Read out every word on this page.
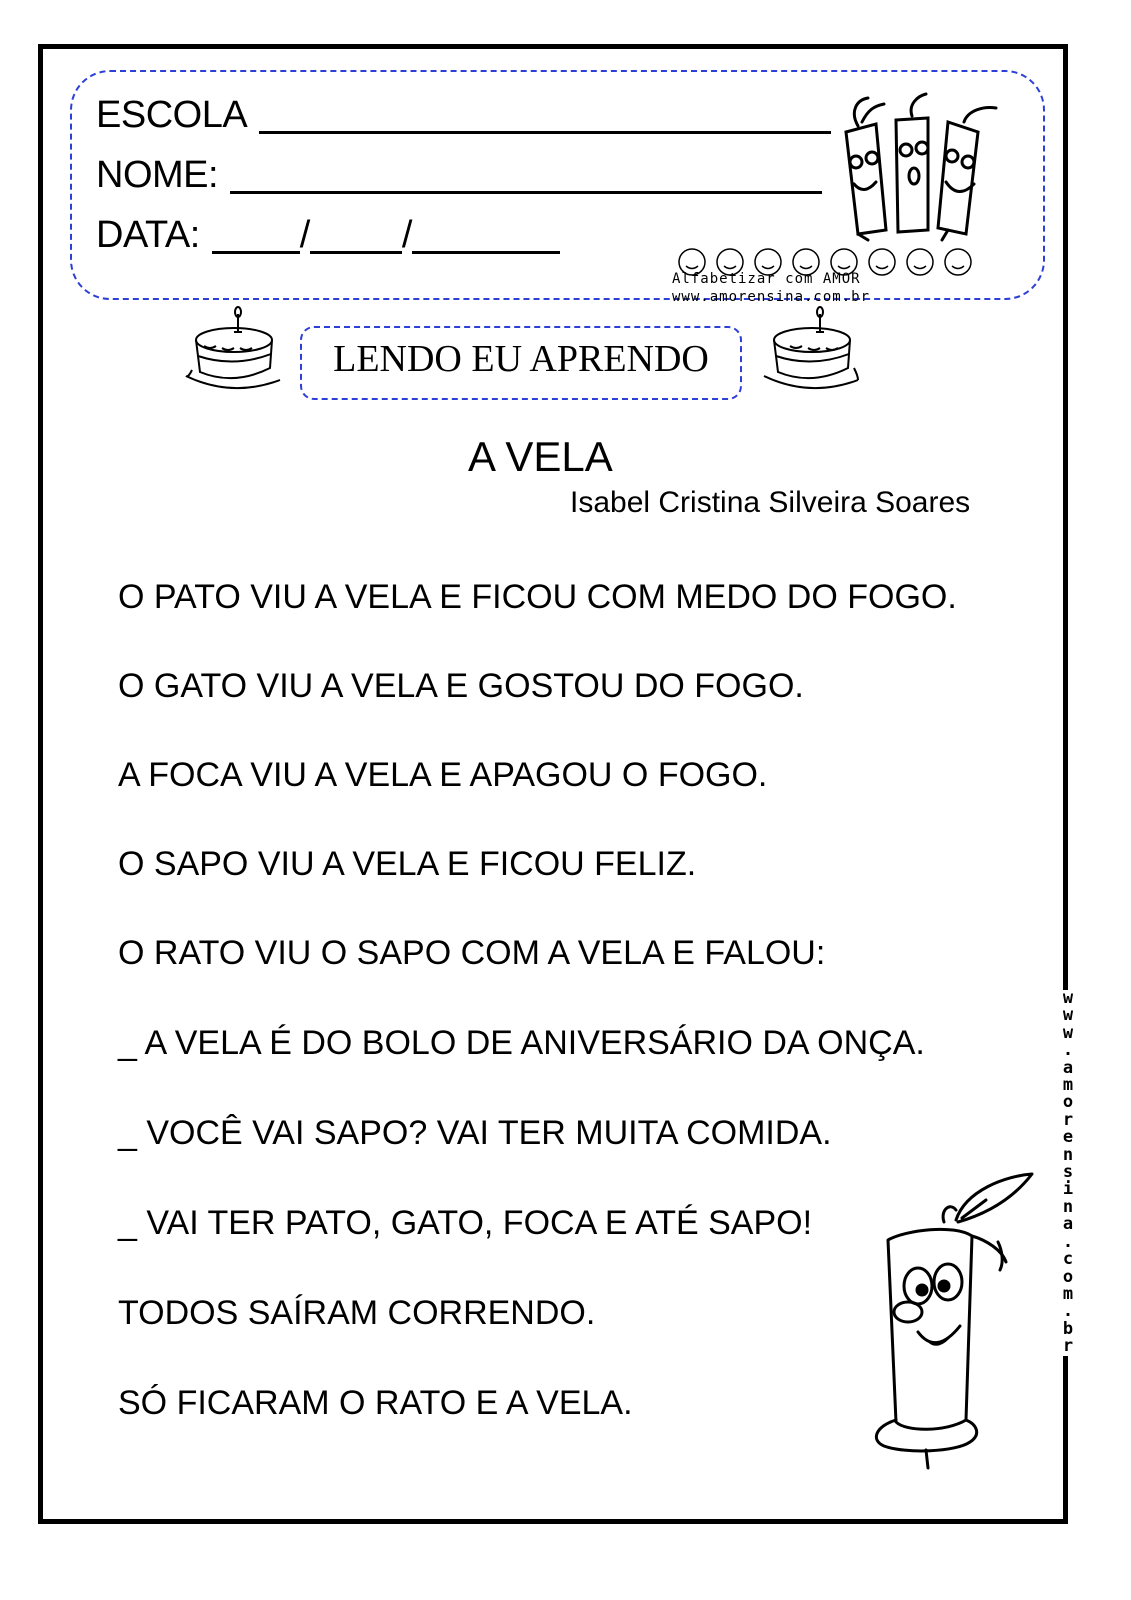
ESCOLA
NOME:
DATA:	/ /
Alfabetizar com AMOR
www.amorensina.com.br
LENDO EU APRENDO
A VELA
Isabel Cristina Silveira Soares
O PATO VIU A VELA E FICOU COM MEDO DO FOGO.
O GATO VIU A VELA E GOSTOU DO FOGO.
A FOCA VIU A VELA E APAGOU O FOGO.
O SAPO VIU A VELA E FICOU FELIZ.
O RATO VIU O SAPO COM A VELA E FALOU:
_ A VELA É DO BOLO DE ANIVERSÁRIO DA ONÇA.
_ VOCÊ VAI SAPO? VAI TER MUITA COMIDA.
_ VAI TER PATO, GATO, FOCA E ATÉ SAPO!
TODOS SAÍRAM CORRENDO.
SÓ FICARAM O RATO E A VELA.
w
w
w
.
a
m
o
r
e
n
s
i
n
a
.
c
o
m
.
b
r
